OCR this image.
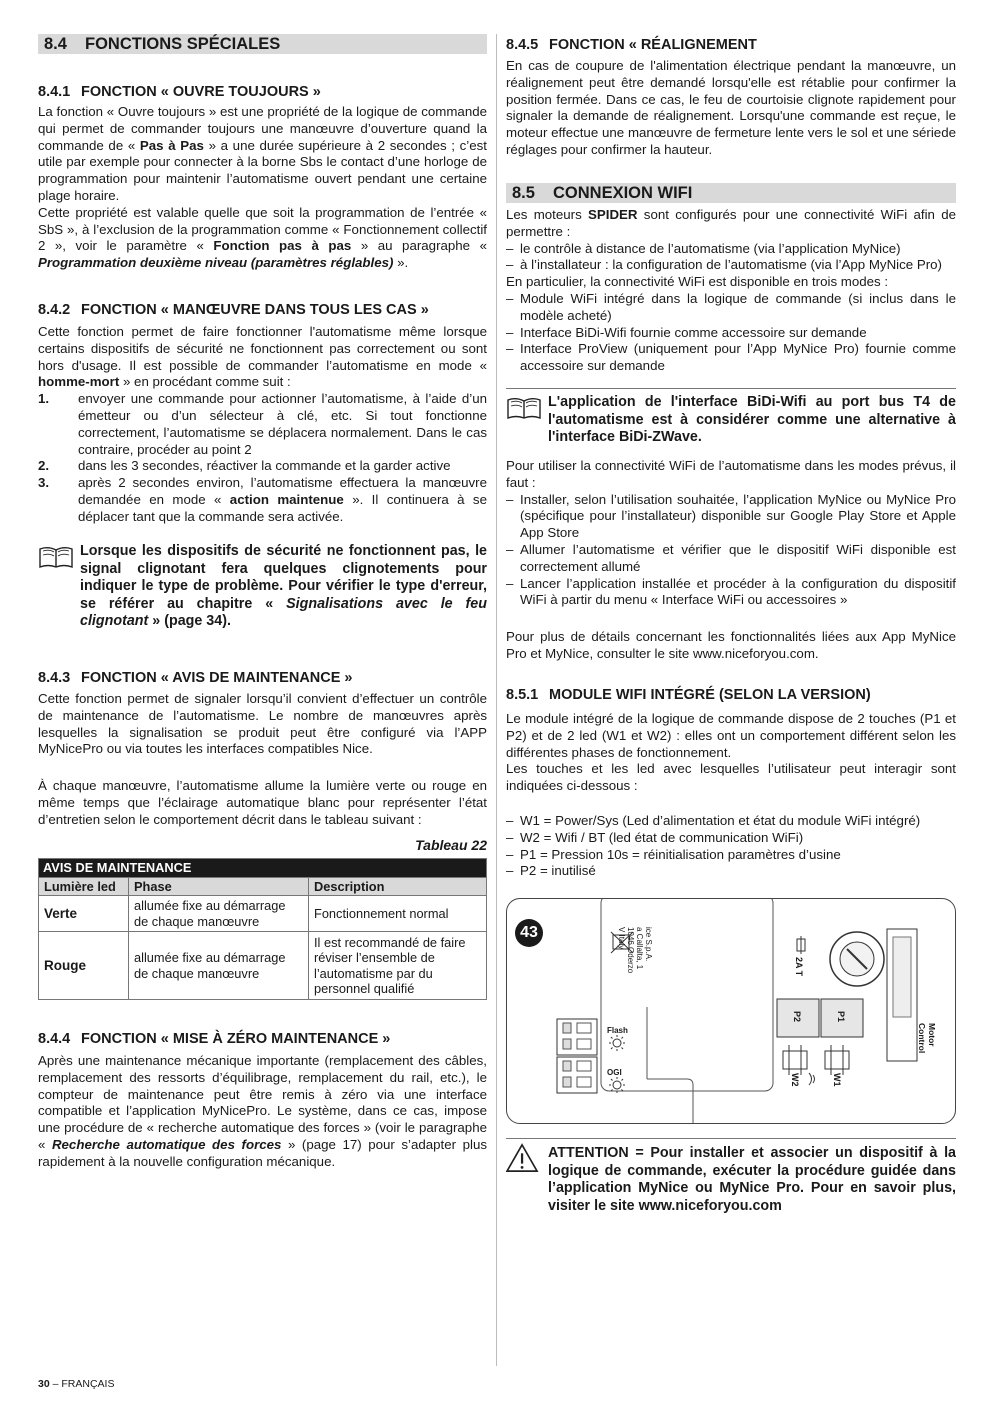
8.4 FONCTIONS SPÉCIALES
8.4.1 FONCTION « OUVRE TOUJOURS »

La fonction « Ouvre toujours » est une propriété de la logique de commande qui permet de commander toujours une manœuvre d’ouverture quand la commande de « Pas à Pas » a une durée supérieure à 2 secondes ; c’est utile par exemple pour connecter à la borne Sbs le contact d’une horloge de programmation pour maintenir l’automatisme ouvert pendant une certaine plage horaire.

Cette propriété est valable quelle que soit la programmation de l’entrée « SbS », à l’exclusion de la programmation comme « Fonctionnement collectif 2 », voir le paramètre « Fonction pas à pas » au paragraphe « Programmation deuxième niveau (paramètres réglables) ».

8.4.2 FONCTION « MANŒUVRE DANS TOUS LES CAS »

Cette fonction permet de faire fonctionner l'automatisme même lorsque certains dispositifs de sécurité ne fonctionnent pas correctement ou sont hors d'usage. Il est possible de commander l’automatisme en mode « homme-mort » en procédant comme suit :

1. envoyer une commande pour actionner l’automatisme, à l’aide d’un émetteur ou d’un sélecteur à clé, etc. Si tout fonctionne correctement, l’automatisme se déplacera normalement. Dans le cas contraire, procéder au point 2
2. dans les 3 secondes, réactiver la commande et la garder active
3. après 2 secondes environ, l’automatisme effectuera la manœuvre demandée en mode « action maintenue ». Il continuera à se déplacer tant que la commande sera activée.
Lorsque les dispositifs de sécurité ne fonctionnent pas, le signal clignotant fera quelques clignotements pour indiquer le type de problème. Pour vérifier le type d'erreur, se référer au chapitre « Signalisations avec le feu clignotant » (page 34).
8.4.3 FONCTION « AVIS DE MAINTENANCE »

Cette fonction permet de signaler lorsqu’il convient d’effectuer un contrôle de maintenance de l’automatisme. Le nombre de manœuvres après lesquelles la signalisation se produit peut être configuré via l’APP MyNicePro ou via toutes les interfaces compatibles Nice.

À chaque manœuvre, l’automatisme allume la lumière verte ou rouge en même temps que l’éclairage automatique blanc pour représenter l’état d’entretien selon le comportement décrit dans le tableau suivant :

Tableau 22
AVIS DE MAINTENANCE		
Lumière led	Phase	Description
Verte	allumée fixe au démarrage de chaque manœuvre	Fonctionnement normal
Rouge	allumée fixe au démarrage de chaque manœuvre	Il est recommandé de faire réviser l’ensemble de l’automatisme par du personnel qualifié
8.4.4 FONCTION « MISE À ZÉRO MAINTENANCE »

Après une maintenance mécanique importante (remplacement des câbles, remplacement des ressorts d’équilibrage, remplacement du rail, etc.), le compteur de maintenance peut être remis à zéro via une interface compatible et l’application MyNicePro. Le système, dans ce cas, impose une procédure de « recherche automatique des forces » (voir le paragraphe « Recherche automatique des forces » (page 17) pour s’adapter plus rapidement à la nouvelle configuration mécanique.

8.4.5 FONCTION « RÉALIGNEMENT

En cas de coupure de l'alimentation électrique pendant la manœuvre, un réalignement peut être demandé lorsqu'elle est rétablie pour confirmer la position fermée. Dans ce cas, le feu de courtoisie clignote rapidement pour signaler la demande de réalignement. Lorsqu'une commande est reçue, le moteur effectue une manœuvre de fermeture lente vers le sol et une sériede réglages pour confirmer la hauteur.

8.5 CONNEXION WIFI

Les moteurs SPIDER sont configurés pour une connectivité WiFi afin de permettre :

– le contrôle à distance de l’automatisme (via l’application MyNice)
– à l’installateur : la configuration de l’automatisme (via l’App MyNice Pro)

En particulier, la connectivité WiFi est disponible en trois modes :

– Module WiFi intégré dans la logique de commande (si inclus dans le modèle acheté)
– Interface BiDi-Wifi fournie comme accessoire sur demande
– Interface ProView (uniquement pour l’App MyNice Pro) fournie comme accessoire sur demande
L'application de l'interface BiDi-Wifi au port bus T4 de l'automatisme est à considérer comme une alternative à l'interface BiDi-ZWave.

Pour utiliser la connectivité WiFi de l’automatisme dans les modes prévus, il faut :

– Installer, selon l’utilisation souhaitée, l’application MyNice ou MyNice Pro (spécifique pour l’installateur) disponible sur Google Play Store et Apple App Store
– Allumer l’automatisme et vérifier que le dispositif WiFi disponible est correctement allumé
– Lancer l’application installée et procéder à la configuration du dispositif WiFi à partir du menu « Interface WiFi ou accessoires »

Pour plus de détails concernant les fonctionnalités liées aux App MyNice Pro et MyNice, consulter le site www.niceforyou.com.

8.5.1 MODULE WIFI INTÉGRÉ (SELON LA VERSION)

Le module intégré de la logique de commande dispose de 2 touches (P1 et P2) et de 2 led (W1 et W2) : elles ont un comportement différent selon les différentes phases de fonctionnement.

Les touches et les led avec lesquelles l’utilisateur peut interagir sont indiquées ci-dessous :

– W1 = Power/Sys (Led d’alimentation et état du module WiFi intégré)
– W2 = Wifi / BT (led état de communication WiFi)
– P1 = Pression 10s = réinitialisation paramètres d’usine
– P2 = inutilisé
43	ice S.p.A.
a Callalta, 1
1046 Oderzo
V Italy
2A T
P2	P1
W2	W1
Flash
OGI
Motor
Control
ATTENTION = Pour installer et associer un dispositif à la logique de commande, exécuter la procédure guidée dans l’application MyNice ou MyNice Pro. Pour en savoir plus, visiter le site www.niceforyou.com
30 – FRANÇAIS
